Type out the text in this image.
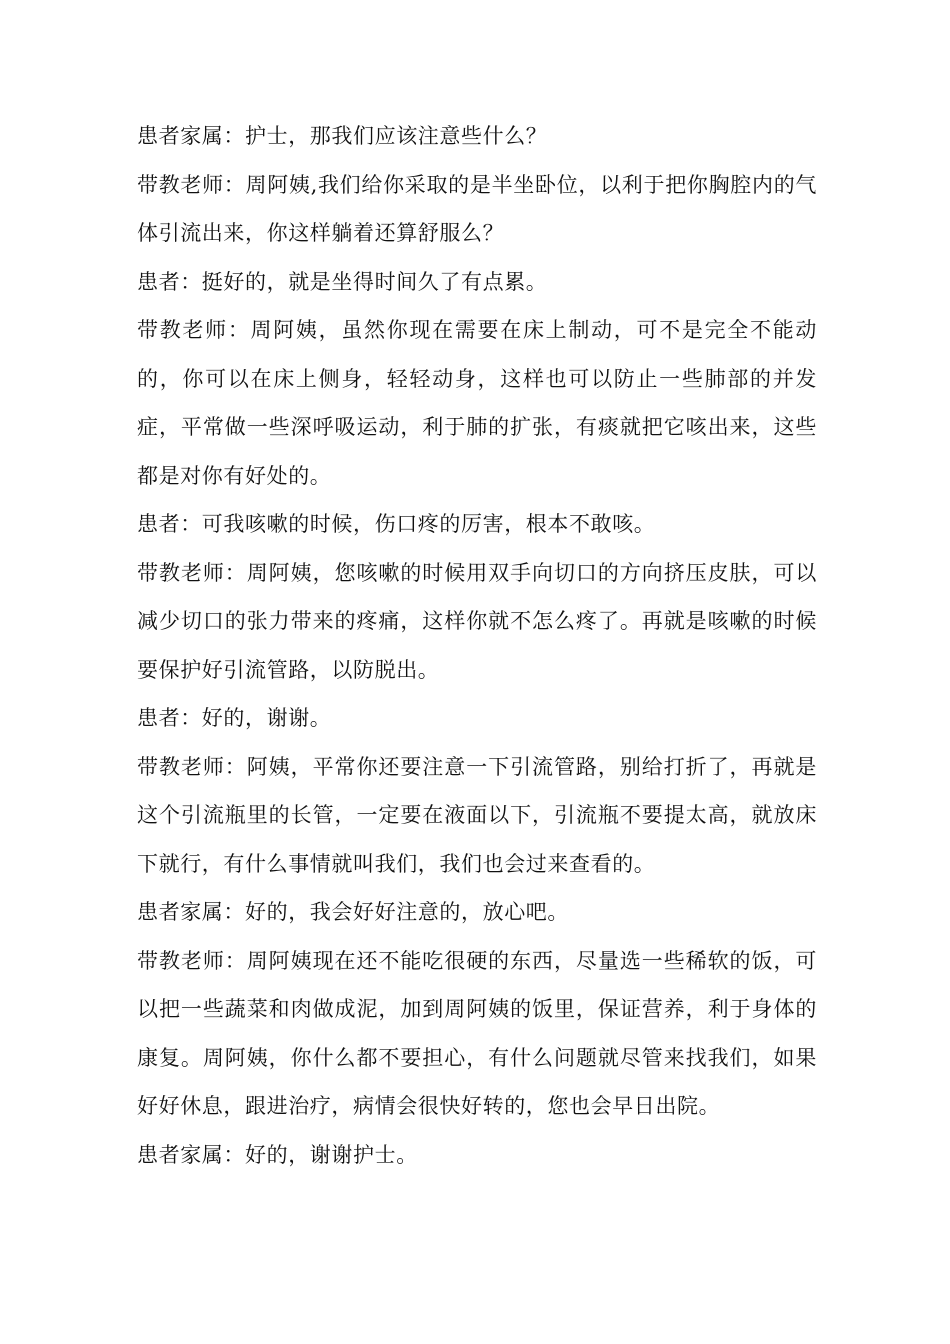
患者家属：护士，那我们应该注意些什么？

带教老师：周阿姨,我们给你采取的是半坐卧位，以利于把你胸腔内的气体引流出来，你这样躺着还算舒服么？

患者：挺好的，就是坐得时间久了有点累。

带教老师：周阿姨，虽然你现在需要在床上制动，可不是完全不能动的，你可以在床上侧身，轻轻动身，这样也可以防止一些肺部的并发症，平常做一些深呼吸运动，利于肺的扩张，有痰就把它咳出来，这些都是对你有好处的。

患者：可我咳嗽的时候，伤口疼的厉害，根本不敢咳。

带教老师：周阿姨，您咳嗽的时候用双手向切口的方向挤压皮肤，可以减少切口的张力带来的疼痛，这样你就不怎么疼了。再就是咳嗽的时候要保护好引流管路，以防脱出。

患者：好的，谢谢。

带教老师：阿姨，平常你还要注意一下引流管路，别给打折了，再就是这个引流瓶里的长管，一定要在液面以下，引流瓶不要提太高，就放床下就行，有什么事情就叫我们，我们也会过来查看的。

患者家属：好的，我会好好注意的，放心吧。

带教老师：周阿姨现在还不能吃很硬的东西，尽量选一些稀软的饭，可以把一些蔬菜和肉做成泥，加到周阿姨的饭里，保证营养，利于身体的康复。周阿姨，你什么都不要担心，有什么问题就尽管来找我们，如果好好休息，跟进治疗，病情会很快好转的，您也会早日出院。

患者家属：好的，谢谢护士。
